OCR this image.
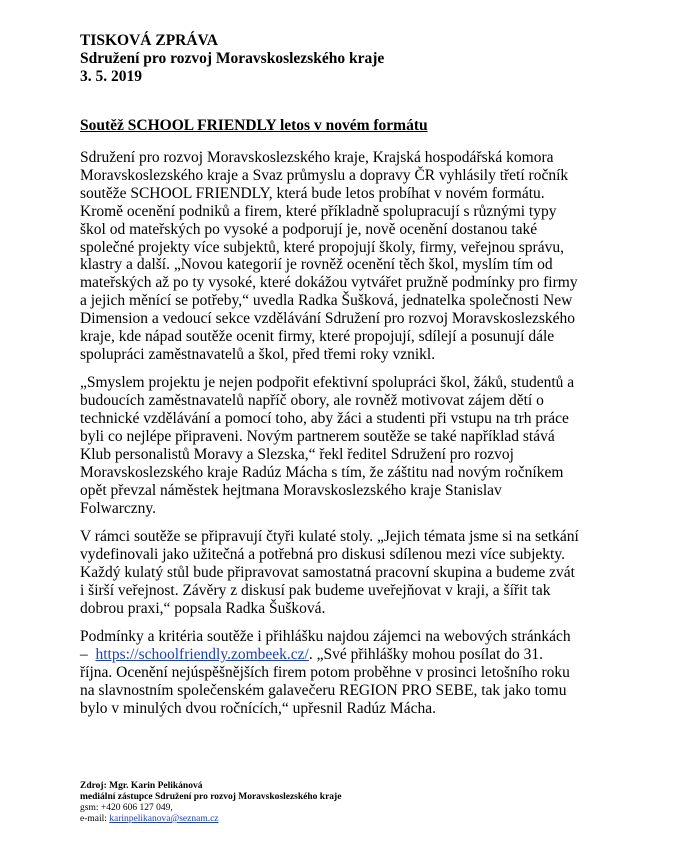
TISKOVÁ ZPRÁVA
Sdružení pro rozvoj Moravskoslezského kraje
3. 5. 2019
Soutěž SCHOOL FRIENDLY letos v novém formátu

Sdružení pro rozvoj Moravskoslezského kraje, Krajská hospodářská komora
Moravskoslezského kraje a Svaz průmyslu a dopravy ČR vyhlásily třetí ročník
soutěže SCHOOL FRIENDLY, která bude letos probíhat v novém formátu.
Kromě ocenění podniků a firem, které příkladně spolupracují s různými typy
škol od mateřských po vysoké a podporují je, nově ocenění dostanou také
společné projekty více subjektů, které propojují školy, firmy, veřejnou správu,
klastry a další. „Novou kategorií je rovněž ocenění těch škol, myslím tím od
mateřských až po ty vysoké, které dokážou vytvářet pružně podmínky pro firmy
a jejich měnící se potřeby,“ uvedla Radka Šušková, jednatelka společnosti New
Dimension a vedoucí sekce vzdělávání Sdružení pro rozvoj Moravskoslezského
kraje, kde nápad soutěže ocenit firmy, které propojují, sdílejí a posunují dále
spolupráci zaměstnavatelů a škol, před třemi roky vznikl.

„Smyslem projektu je nejen podpořit efektivní spolupráci škol, žáků, studentů a
budoucích zaměstnavatelů napříč obory, ale rovněž motivovat zájem dětí o
technické vzdělávání a pomocí toho, aby žáci a studenti při vstupu na trh práce
byli co nejlépe připraveni. Novým partnerem soutěže se také například stává
Klub personalistů Moravy a Slezska,“ řekl ředitel Sdružení pro rozvoj
Moravskoslezského kraje Radúz Mácha s tím, že záštitu nad novým ročníkem
opět převzal náměstek hejtmana Moravskoslezského kraje Stanislav
Folwarczny.

V rámci soutěže se připravují čtyři kulaté stoly. „Jejich témata jsme si na setkání
vydefinovali jako užitečná a potřebná pro diskusi sdílenou mezi více subjekty.
Každý kulatý stůl bude připravovat samostatná pracovní skupina a budeme zvát
i širší veřejnost. Závěry z diskusí pak budeme uveřejňovat v kraji, a šířit tak
dobrou praxi,“ popsala Radka Šušková.

Podmínky a kritéria soutěže i přihlášku najdou zájemci na webových stránkách
– https://schoolfriendly.zombeek.cz/. „Své přihlášky mohou posílat do 31.
října. Ocenění nejúspěšnějších firem potom proběhne v prosinci letošního roku
na slavnostním společenském galavečeru REGION PRO SEBE, tak jako tomu
bylo v minulých dvou ročnících,“ upřesnil Radúz Mácha.

Zdroj: Mgr. Karin Pelikánová
mediální zástupce Sdružení pro rozvoj Moravskoslezského kraje
gsm: +420 606 127 049,
e-mail: karinpelikanova@seznam.cz
